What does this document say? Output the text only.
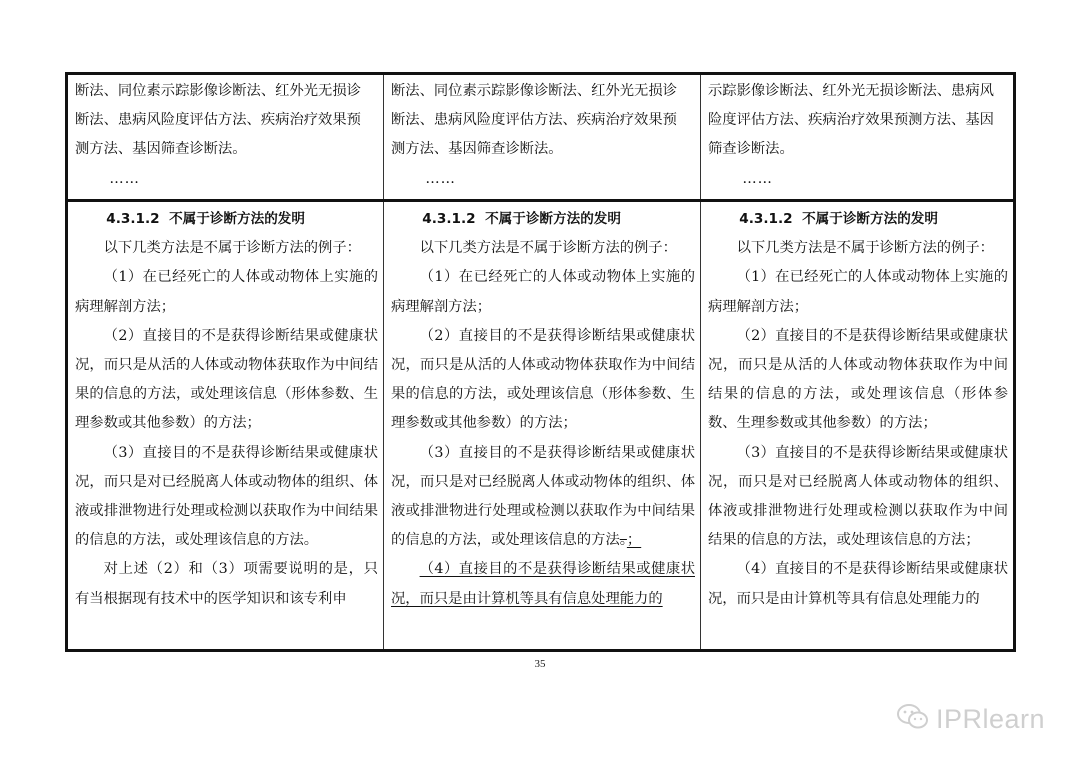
断法、同位素示踪影像诊断法、红外光无损诊

断法、患病风险度评估方法、疾病治疗效果预

测方法、基因筛查诊断法。

……

断法、同位素示踪影像诊断法、红外光无损诊

断法、患病风险度评估方法、疾病治疗效果预

测方法、基因筛查诊断法。

……

示踪影像诊断法、红外光无损诊断法、患病风

险度评估方法、疾病治疗效果预测方法、基因

筛查诊断法。

……

4.3.1.2 不属于诊断方法的发明

以下几类方法是不属于诊断方法的例子：

（1）在已经死亡的人体或动物体上实施的病理解剖方法；

（2）直接目的不是获得诊断结果或健康状况，而只是从活的人体或动物体获取作为中间结果的信息的方法，或处理该信息（形体参数、生理参数或其他参数）的方法；

（3）直接目的不是获得诊断结果或健康状况，而只是对已经脱离人体或动物体的组织、体液或排泄物进行处理或检测以获取作为中间结果的信息的方法，或处理该信息的方法。

对上述（2）和（3）项需要说明的是，只有当根据现有技术中的医学知识和该专利申

4.3.1.2 不属于诊断方法的发明

以下几类方法是不属于诊断方法的例子：

（1）在已经死亡的人体或动物体上实施的病理解剖方法；

（2）直接目的不是获得诊断结果或健康状况，而只是从活的人体或动物体获取作为中间结果的信息的方法，或处理该信息（形体参数、生理参数或其他参数）的方法；

（3）直接目的不是获得诊断结果或健康状况，而只是对已经脱离人体或动物体的组织、体液或排泄物进行处理或检测以获取作为中间结果的信息的方法，或处理该信息的方法。；

（4）直接目的不是获得诊断结果或健康状况，而只是由计算机等具有信息处理能力的

4.3.1.2 不属于诊断方法的发明

以下几类方法是不属于诊断方法的例子：

（1）在已经死亡的人体或动物体上实施的病理解剖方法；

（2）直接目的不是获得诊断结果或健康状况，而只是从活的人体或动物体获取作为中间结果的信息的方法，或处理该信息（形体参数、生理参数或其他参数）的方法；

（3）直接目的不是获得诊断结果或健康状况，而只是对已经脱离人体或动物体的组织、体液或排泄物进行处理或检测以获取作为中间结果的信息的方法，或处理该信息的方法；

（4）直接目的不是获得诊断结果或健康状况，而只是由计算机等具有信息处理能力的

35
IPRlearn
